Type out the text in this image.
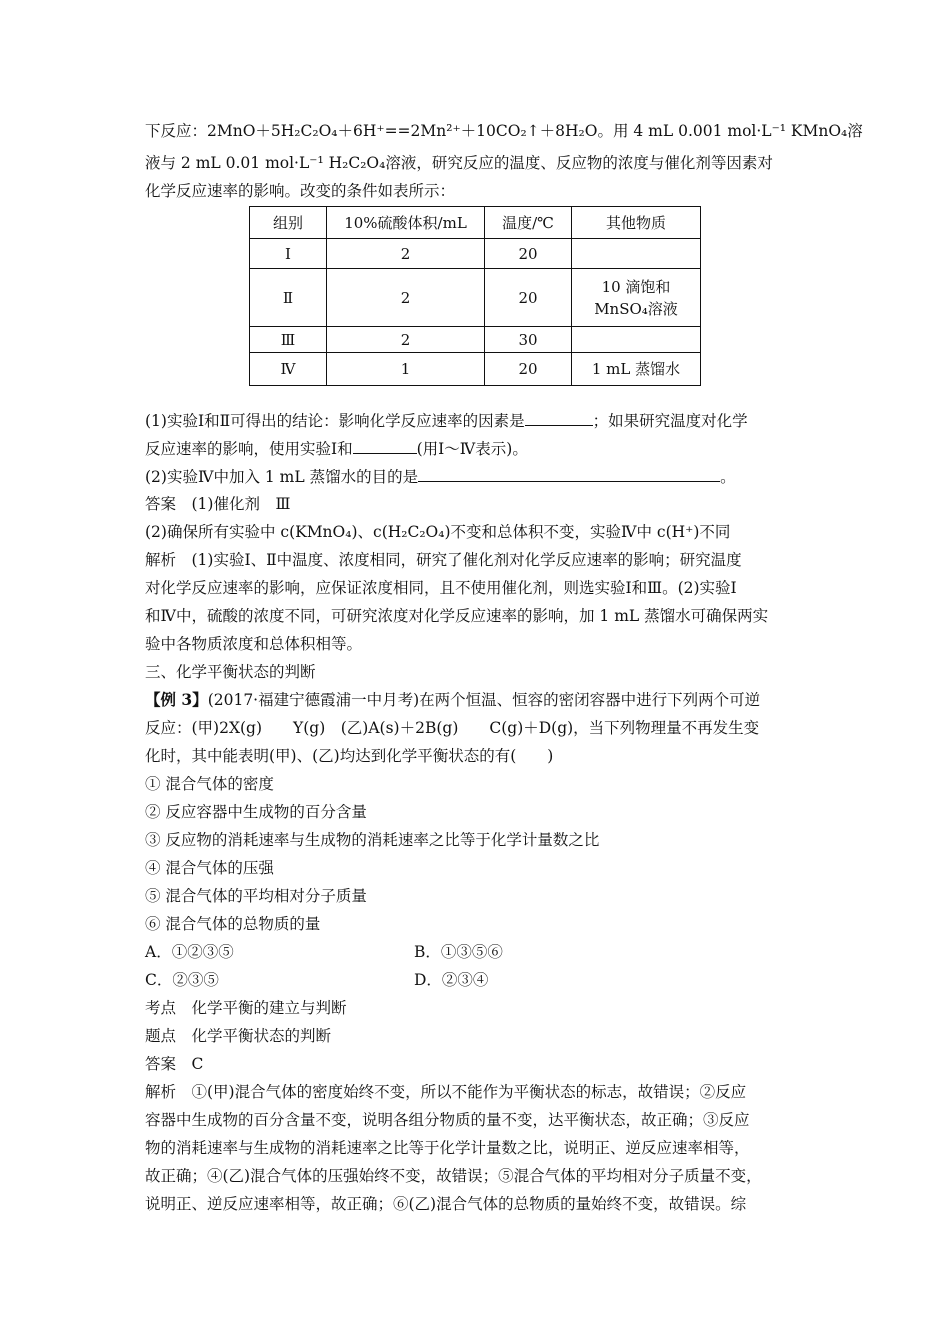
下反应：2MnO＋5H₂C₂O₄＋6H⁺==2Mn²⁺＋10CO₂↑＋8H₂O。用 4 mL 0.001 mol·L⁻¹ KMnO₄溶
液与 2 mL 0.01 mol·L⁻¹ H₂C₂O₄溶液，研究反应的温度、反应物的浓度与催化剂等因素对
化学反应速率的影响。改变的条件如表所示：
组别	10%硫酸体积/mL	温度/℃	其他物质
Ⅰ	2	20	
Ⅱ	2	20	10 滴饱和 MnSO₄溶液
Ⅲ	2	30	
Ⅳ	1	20	1 mL 蒸馏水
(1)实验Ⅰ和Ⅱ可得出的结论：影响化学反应速率的因素是	；如果研究温度对化学
反应速率的影响，使用实验Ⅰ和	(用Ⅰ～Ⅳ表示)。
(2)实验Ⅳ中加入 1 mL 蒸馏水的目的是	。
答案　(1)催化剂　Ⅲ
(2)确保所有实验中 c(KMnO₄)、c(H₂C₂O₄)不变和总体积不变，实验Ⅳ中 c(H⁺)不同
解析　(1)实验Ⅰ、Ⅱ中温度、浓度相同，研究了催化剂对化学反应速率的影响；研究温度
对化学反应速率的影响，应保证浓度相同，且不使用催化剂，则选实验Ⅰ和Ⅲ。(2)实验Ⅰ
和Ⅳ中，硫酸的浓度不同，可研究浓度对化学反应速率的影响，加 1 mL 蒸馏水可确保两实
验中各物质浓度和总体积相等。
三、化学平衡状态的判断
【例 3】(2017·福建宁德霞浦一中月考)在两个恒温、恒容的密闭容器中进行下列两个可逆
反应：(甲)2X(g)　　Y(g)　(乙)A(s)＋2B(g)　　C(g)＋D(g)，当下列物理量不再发生变
化时，其中能表明(甲)、(乙)均达到化学平衡状态的有(　　)
① 混合气体的密度
② 反应容器中生成物的百分含量
③ 反应物的消耗速率与生成物的消耗速率之比等于化学计量数之比
④ 混合气体的压强
⑤ 混合气体的平均相对分子质量
⑥ 混合气体的总物质的量
A．①②③⑤	B．①③⑤⑥
C．②③⑤	D．②③④
考点　化学平衡的建立与判断
题点　化学平衡状态的判断
答案　C
解析　①(甲)混合气体的密度始终不变，所以不能作为平衡状态的标志，故错误；②反应
容器中生成物的百分含量不变，说明各组分物质的量不变，达平衡状态，故正确；③反应
物的消耗速率与生成物的消耗速率之比等于化学计量数之比，说明正、逆反应速率相等，
故正确；④(乙)混合气体的压强始终不变，故错误；⑤混合气体的平均相对分子质量不变，
说明正、逆反应速率相等，故正确；⑥(乙)混合气体的总物质的量始终不变，故错误。综
